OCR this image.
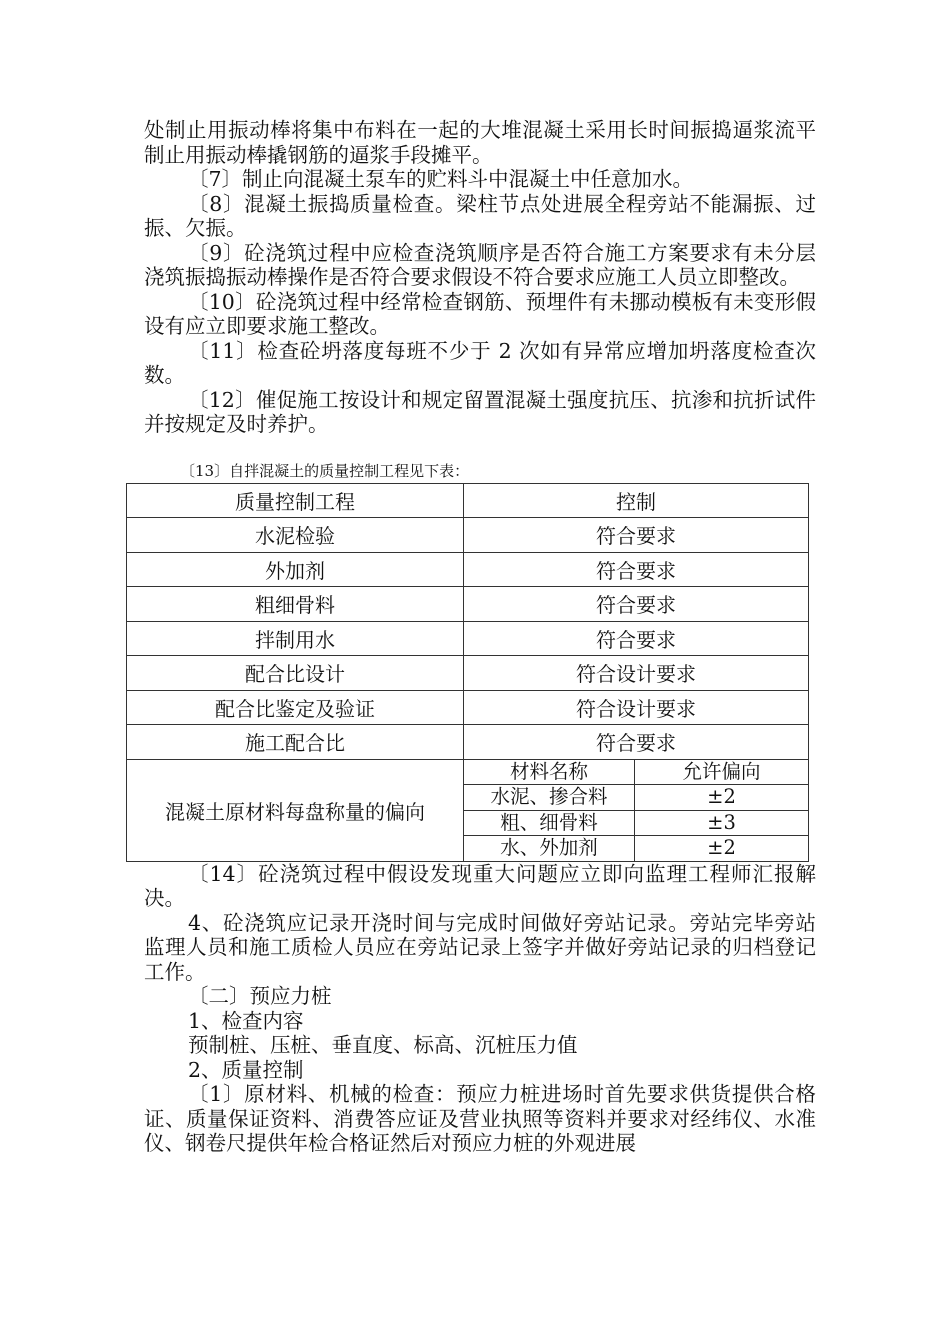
处制止用振动棒将集中布料在一起的大堆混凝土采用长时间振捣逼浆流平制止用振动棒撬钢筋的逼浆手段摊平。

〔7〕制止向混凝土泵车的贮料斗中混凝土中任意加水。

〔8〕混凝土振捣质量检查。梁柱节点处进展全程旁站不能漏振、过振、欠振。

〔9〕砼浇筑过程中应检查浇筑顺序是否符合施工方案要求有未分层浇筑振捣振动棒操作是否符合要求假设不符合要求应施工人员立即整改。

〔10〕砼浇筑过程中经常检查钢筋、预埋件有未挪动模板有未变形假设有应立即要求施工整改。

〔11〕检查砼坍落度每班不少于 2 次如有异常应增加坍落度检查次数。

〔12〕催促施工按设计和规定留置混凝土强度抗压、抗渗和抗折试件并按规定及时养护。

〔13〕自拌混凝土的质量控制工程见下表：
质量控制工程	控制
水泥检验	符合要求
外加剂	符合要求
粗细骨料	符合要求
拌制用水	符合要求
配合比设计	符合设计要求
配合比鉴定及验证	符合设计要求
施工配合比	符合要求
混凝土原材料每盘称量的偏向	
材料名称	允许偏向
水泥、掺合料	±2
粗、细骨料	±3
水、外加剂	±2

〔14〕砼浇筑过程中假设发现重大问题应立即向监理工程师汇报解决。

4、砼浇筑应记录开浇时间与完成时间做好旁站记录。旁站完毕旁站监理人员和施工质检人员应在旁站记录上签字并做好旁站记录的归档登记工作。

〔二〕预应力桩

1、检查内容

预制桩、压桩、垂直度、标高、沉桩压力值

2、质量控制

〔1〕原材料、机械的检查：预应力桩进场时首先要求供货提供合格证、质量保证资料、消费答应证及营业执照等资料并要求对经纬仪、水准仪、钢卷尺提供年检合格证然后对预应力桩的外观进展
